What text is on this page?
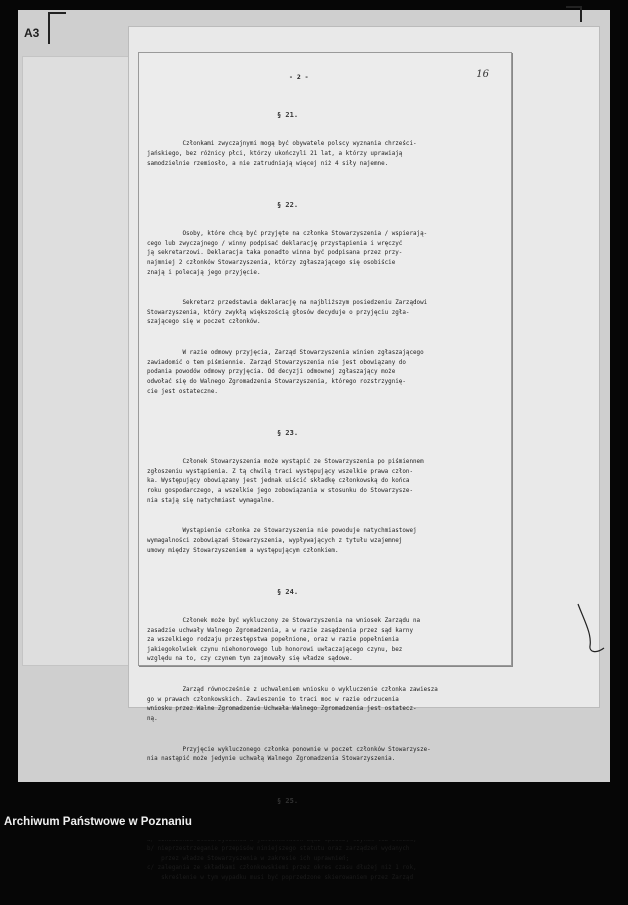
A3
- 2 -	16

§ 21.

Członkami zwyczajnymi mogą być obywatele polscy wyznania chrześci-
jańskiego, bez różnicy płci, którzy ukończyli 21 lat, a którzy uprawiają
samodzielnie rzemiosło, a nie zatrudniają więcej niż 4 siły najemne.

§ 22.

Osoby, które chcą być przyjęte na członka Stowarzyszenia / wspierają-
cego lub zwyczajnego / winny podpisać deklarację przystąpienia i wręczyć
ją sekretarzowi. Deklaracja taka ponadto winna być podpisana przez przy-
najmniej 2 członków Stowarzyszenia, którzy zgłaszającego się osobiście
znają i polecają jego przyjęcie.

Sekretarz przedstawia deklarację na najbliższym posiedzeniu Zarządowi
Stowarzyszenia, który zwykłą większością głosów decyduje o przyjęciu zgła-
szającego się w poczet członków.

W razie odmowy przyjęcia, Zarząd Stowarzyszenia winien zgłaszającego
zawiadomić o tem piśmiennie. Zarząd Stowarzyszenia nie jest obowiązany do
podania powodów odmowy przyjęcia. Od decyzji odmownej zgłaszający może
odwołać się do Walnego Zgromadzenia Stowarzyszenia, którego rozstrzygnię-
cie jest ostateczne.

§ 23.

Członek Stowarzyszenia może wystąpić ze Stowarzyszenia po piśmiennem
zgłoszeniu wystąpienia. Z tą chwilą traci występujący wszelkie prawa człon-
ka. Występujący obowiązany jest jednak uiścić składkę członkowską do końca
roku gospodarczego, a wszelkie jego zobowiązania w stosunku do Stowarzysze-
nia stają się natychmiast wymagalne.

Wystąpienie członka ze Stowarzyszenia nie powoduje natychmiastowej
wymagalności zobowiązań Stowarzyszenia, wypływających z tytułu wzajemnej
umowy między Stowarzyszeniem a występującym członkiem.

§ 24.

Członek może być wykluczony ze Stowarzyszenia na wniosek Zarządu na
zasadzie uchwały Walnego Zgromadzenia, a w razie zasądzenia przez sąd karny
za wszelkiego rodzaju przestępstwa popełnione, oraz w razie popełnienia
jakiegokolwiek czynu niehonorowego lub honorowi uwłaczającego czynu, bez
względu na to, czy czynem tym zajmowały się władze sądowe.

Zarząd równocześnie z uchwaleniem wniosku o wykluczenie członka zawiesza
go w prawach członkowskich. Zawieszenie to traci moc w razie odrzucenia
wniosku przez Walne Zgromadzenie Uchwała Walnego Zgromadzenia jest ostatecz-
ną.

Przyjęcie wykluczonego członka ponownie w poczet członków Stowarzysze-
nia nastąpić może jedynie uchwałą Walnego Zgromadzenia Stowarzyszenia.

§ 25.

b/ nieprzestrzeganie przepisów niniejszego statutu oraz zarządzeń wydanych
przez władze Stowarzyszenia w zakresie ich uprawnień;
c/ zalegania ze składkami członkowskiemi przez okres czasu dłużej niż 1 rok,
skreślenie w tym wypadku musi być poprzedzone skierowaniem przez Zarząd

Archiwum Państwowe w Poznaniu
